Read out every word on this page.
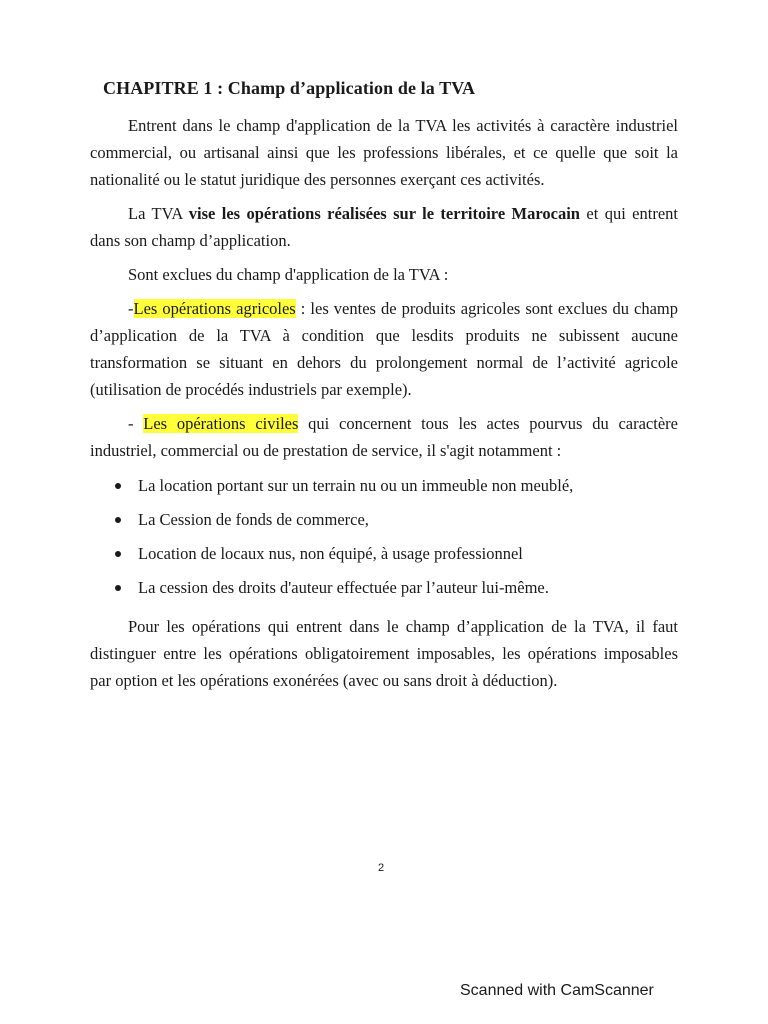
CHAPITRE 1 : Champ d’application de la TVA

Entrent dans le champ d'application de la TVA les activités à caractère industriel commercial, ou artisanal ainsi que les professions libérales, et ce quelle que soit la nationalité ou le statut juridique des personnes exerçant ces activités.

La TVA vise les opérations réalisées sur le territoire Marocain et qui entrent dans son champ d’application.

Sont exclues du champ d'application de la TVA :

-Les opérations agricoles : les ventes de produits agricoles sont exclues du champ d’application de la TVA à condition que lesdits produits ne subissent aucune transformation se situant en dehors du prolongement normal de l’activité agricole (utilisation de procédés industriels par exemple).

- Les opérations civiles qui concernent tous les actes pourvus du caractère industriel, commercial ou de prestation de service, il s'agit notamment :

La location portant sur un terrain nu ou un immeuble non meublé,
La Cession de fonds de commerce,
Location de locaux nus, non équipé, à usage professionnel
La cession des droits d'auteur effectuée par l’auteur lui-même.

Pour les opérations qui entrent dans le champ d’application de la TVA, il faut distinguer entre les opérations obligatoirement imposables, les opérations imposables par option et les opérations exonérées (avec ou sans droit à déduction).

2
Scanned with CamScanner
